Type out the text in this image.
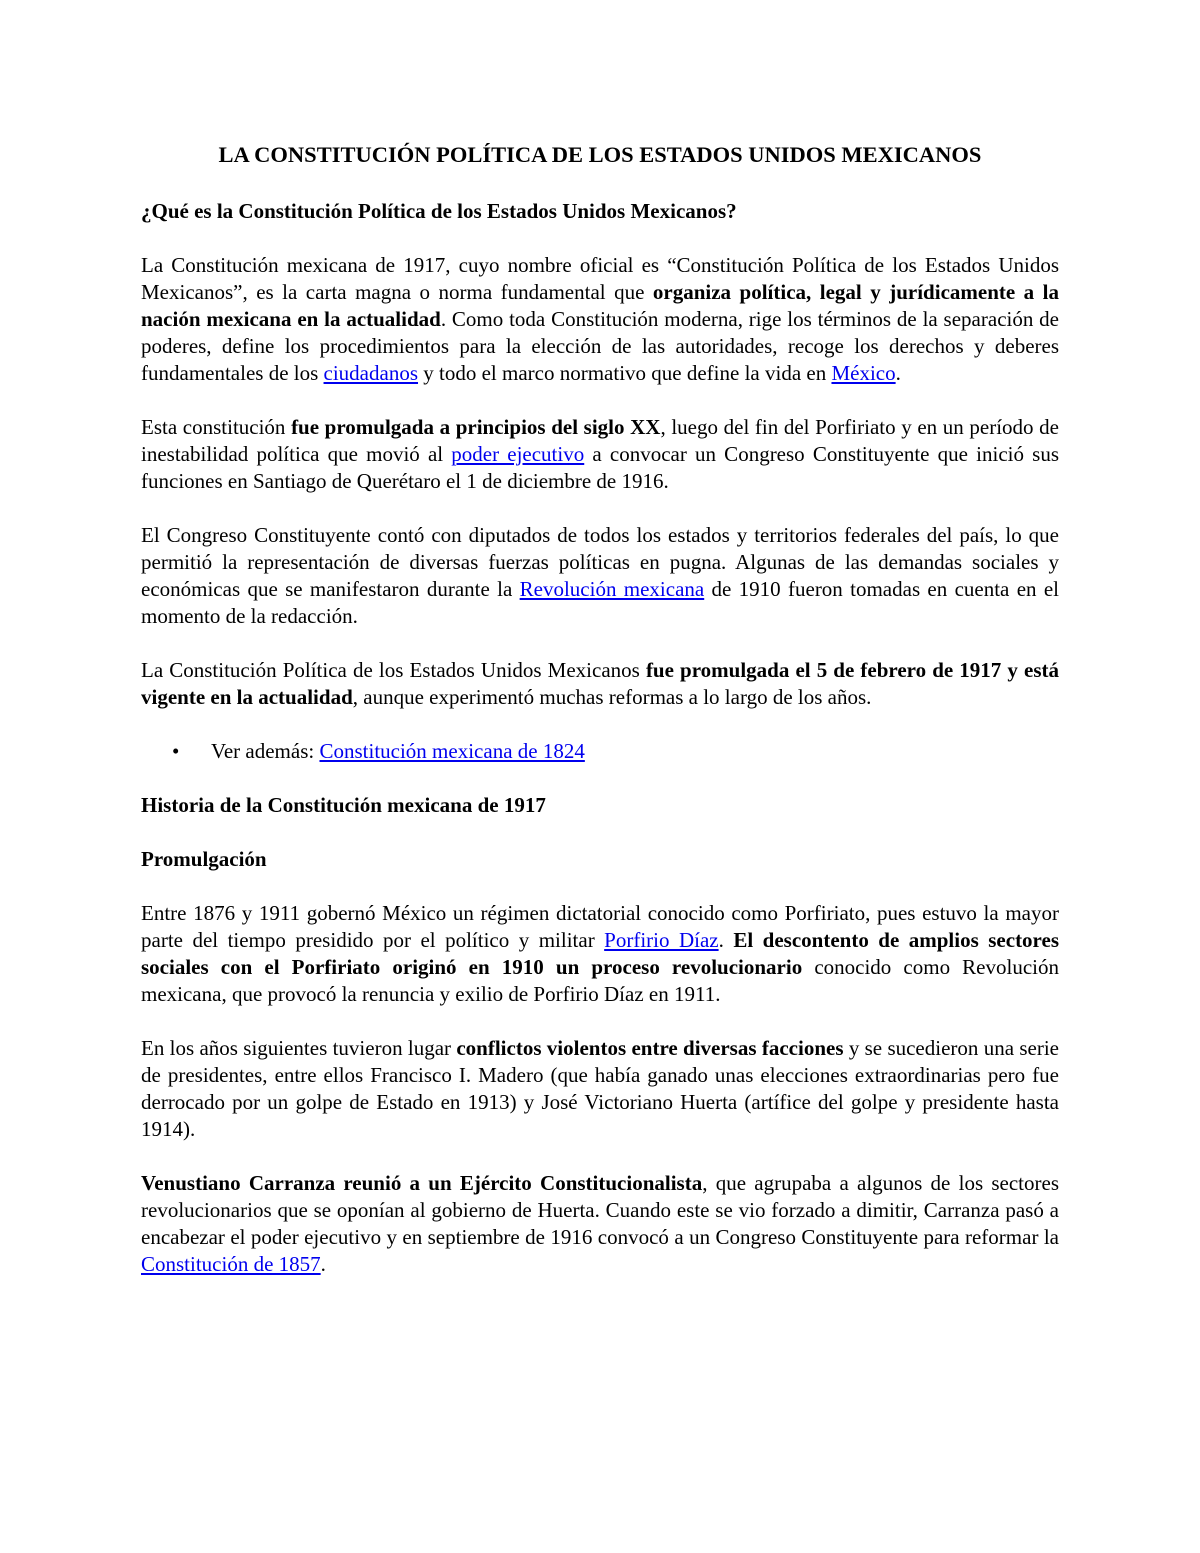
LA CONSTITUCIÓN POLÍTICA DE LOS ESTADOS UNIDOS MEXICANOS
¿Qué es la Constitución Política de los Estados Unidos Mexicanos?

La Constitución mexicana de 1917, cuyo nombre oficial es “Constitución Política de los Estados Unidos Mexicanos”, es la carta magna o norma fundamental que organiza política, legal y jurídicamente a la nación mexicana en la actualidad. Como toda Constitución moderna, rige los términos de la separación de poderes, define los procedimientos para la elección de las autoridades, recoge los derechos y deberes fundamentales de los ciudadanos y todo el marco normativo que define la vida en México.

Esta constitución fue promulgada a principios del siglo XX, luego del fin del Porfiriato y en un período de inestabilidad política que movió al poder ejecutivo a convocar un Congreso Constituyente que inició sus funciones en Santiago de Querétaro el 1 de diciembre de 1916.

El Congreso Constituyente contó con diputados de todos los estados y territorios federales del país, lo que permitió la representación de diversas fuerzas políticas en pugna. Algunas de las demandas sociales y económicas que se manifestaron durante la Revolución mexicana de 1910 fueron tomadas en cuenta en el momento de la redacción.

La Constitución Política de los Estados Unidos Mexicanos fue promulgada el 5 de febrero de 1917 y está vigente en la actualidad, aunque experimentó muchas reformas a lo largo de los años.

• Ver además: Constitución mexicana de 1824
Historia de la Constitución mexicana de 1917
Promulgación

Entre 1876 y 1911 gobernó México un régimen dictatorial conocido como Porfiriato, pues estuvo la mayor parte del tiempo presidido por el político y militar Porfirio Díaz. El descontento de amplios sectores sociales con el Porfiriato originó en 1910 un proceso revolucionario conocido como Revolución mexicana, que provocó la renuncia y exilio de Porfirio Díaz en 1911.

En los años siguientes tuvieron lugar conflictos violentos entre diversas facciones y se sucedieron una serie de presidentes, entre ellos Francisco I. Madero (que había ganado unas elecciones extraordinarias pero fue derrocado por un golpe de Estado en 1913) y José Victoriano Huerta (artífice del golpe y presidente hasta 1914).

Venustiano Carranza reunió a un Ejército Constitucionalista, que agrupaba a algunos de los sectores revolucionarios que se oponían al gobierno de Huerta. Cuando este se vio forzado a dimitir, Carranza pasó a encabezar el poder ejecutivo y en septiembre de 1916 convocó a un Congreso Constituyente para reformar la Constitución de 1857.
